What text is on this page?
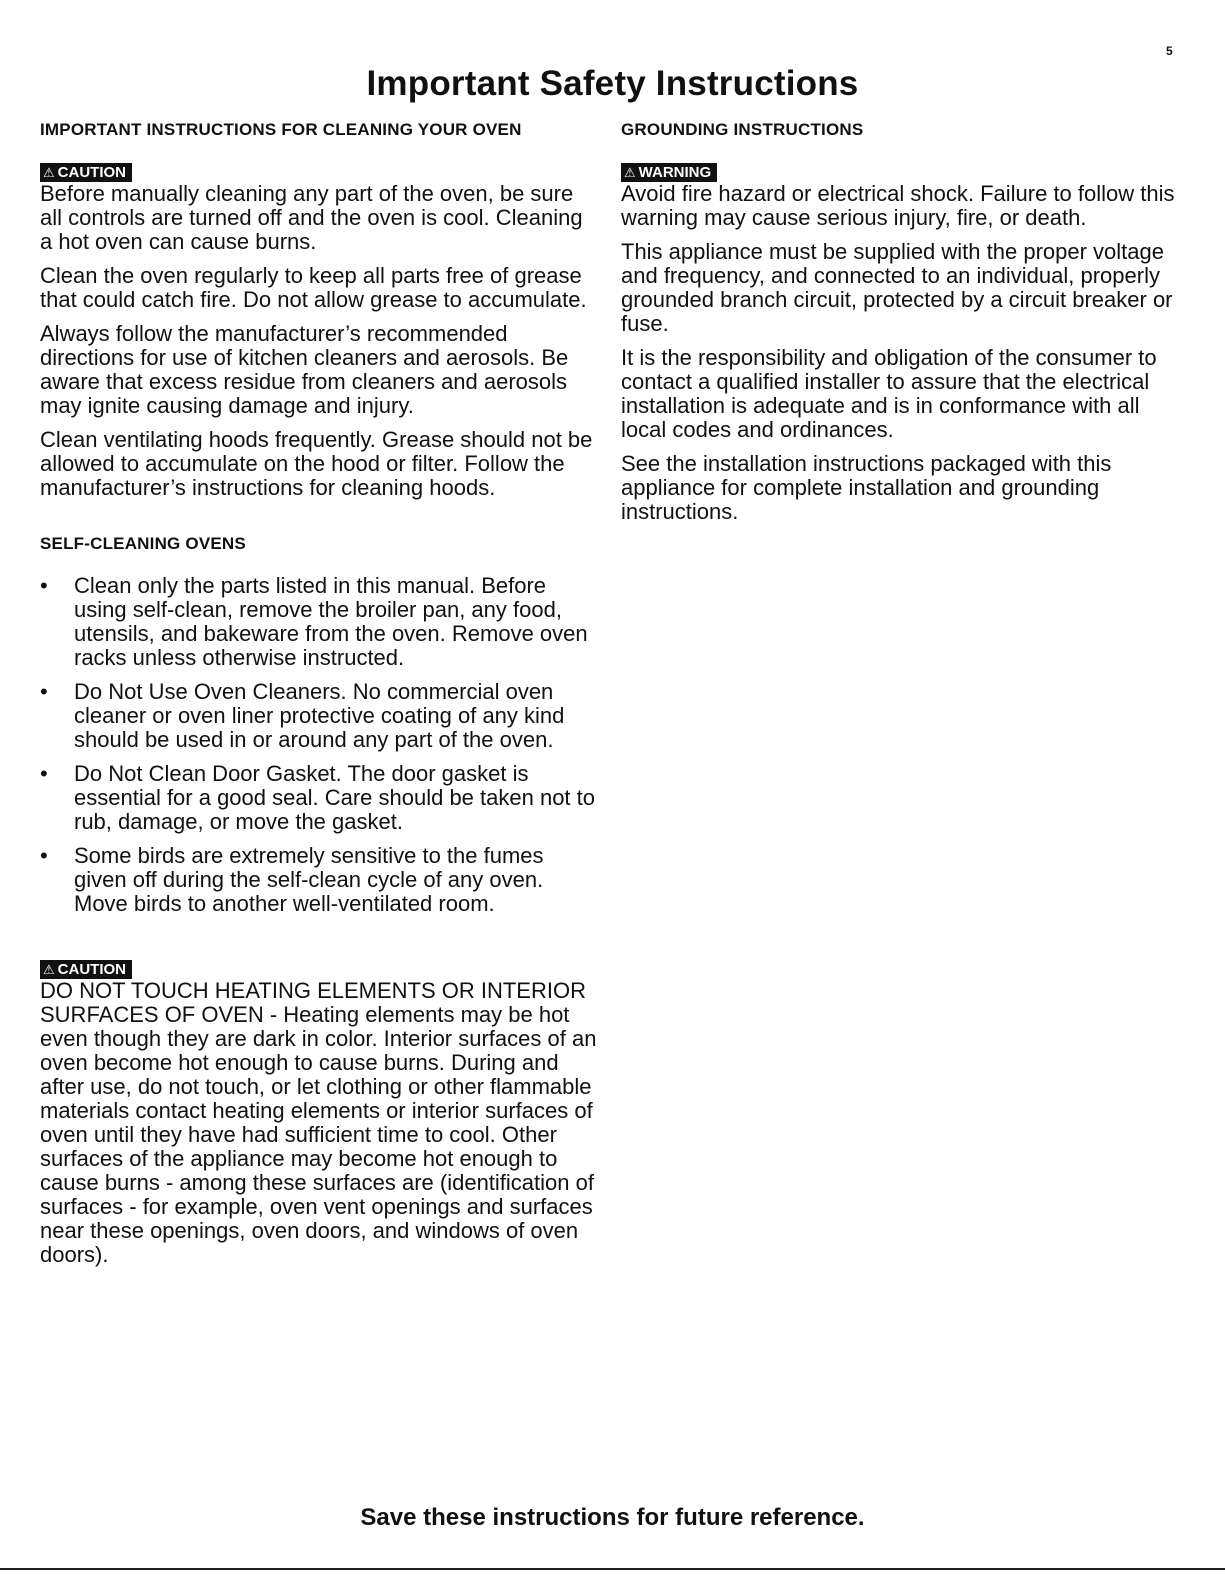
5
Important Safety Instructions
IMPORTANT INSTRUCTIONS FOR CLEANING YOUR OVEN
⚠ CAUTION

Before manually cleaning any part of the oven, be sure all controls are turned off and the oven is cool. Cleaning a hot oven can cause burns.

Clean the oven regularly to keep all parts free of grease that could catch fire. Do not allow grease to accumulate.

Always follow the manufacturer’s recommended directions for use of kitchen cleaners and aerosols. Be aware that excess residue from cleaners and aerosols may ignite causing damage and injury.

Clean ventilating hoods frequently. Grease should not be allowed to accumulate on the hood or filter. Follow the manufacturer’s instructions for cleaning hoods.

SELF-CLEANING OVENS
• Clean only the parts listed in this manual. Before using self-clean, remove the broiler pan, any food, utensils, and bakeware from the oven. Remove oven racks unless otherwise instructed.
• Do Not Use Oven Cleaners. No commercial oven cleaner or oven liner protective coating of any kind should be used in or around any part of the oven.
• Do Not Clean Door Gasket. The door gasket is essential for a good seal. Care should be taken not to rub, damage, or move the gasket.
• Some birds are extremely sensitive to the fumes given off during the self-clean cycle of any oven. Move birds to another well-ventilated room.
⚠ CAUTION

DO NOT TOUCH HEATING ELEMENTS OR INTERIOR SURFACES OF OVEN - Heating elements may be hot even though they are dark in color. Interior surfaces of an oven become hot enough to cause burns. During and after use, do not touch, or let clothing or other flammable materials contact heating elements or interior surfaces of oven until they have had sufficient time to cool. Other surfaces of the appliance may become hot enough to cause burns - among these surfaces are (identification of surfaces - for example, oven vent openings and surfaces near these openings, oven doors, and windows of oven doors).

GROUNDING INSTRUCTIONS
⚠ WARNING

Avoid fire hazard or electrical shock. Failure to follow this warning may cause serious injury, fire, or death.

This appliance must be supplied with the proper voltage and frequency, and connected to an individual, properly grounded branch circuit, protected by a circuit breaker or fuse.

It is the responsibility and obligation of the consumer to contact a qualified installer to assure that the electrical installation is adequate and is in conformance with all local codes and ordinances.

See the installation instructions packaged with this appliance for complete installation and grounding instructions.

Save these instructions for future reference.
